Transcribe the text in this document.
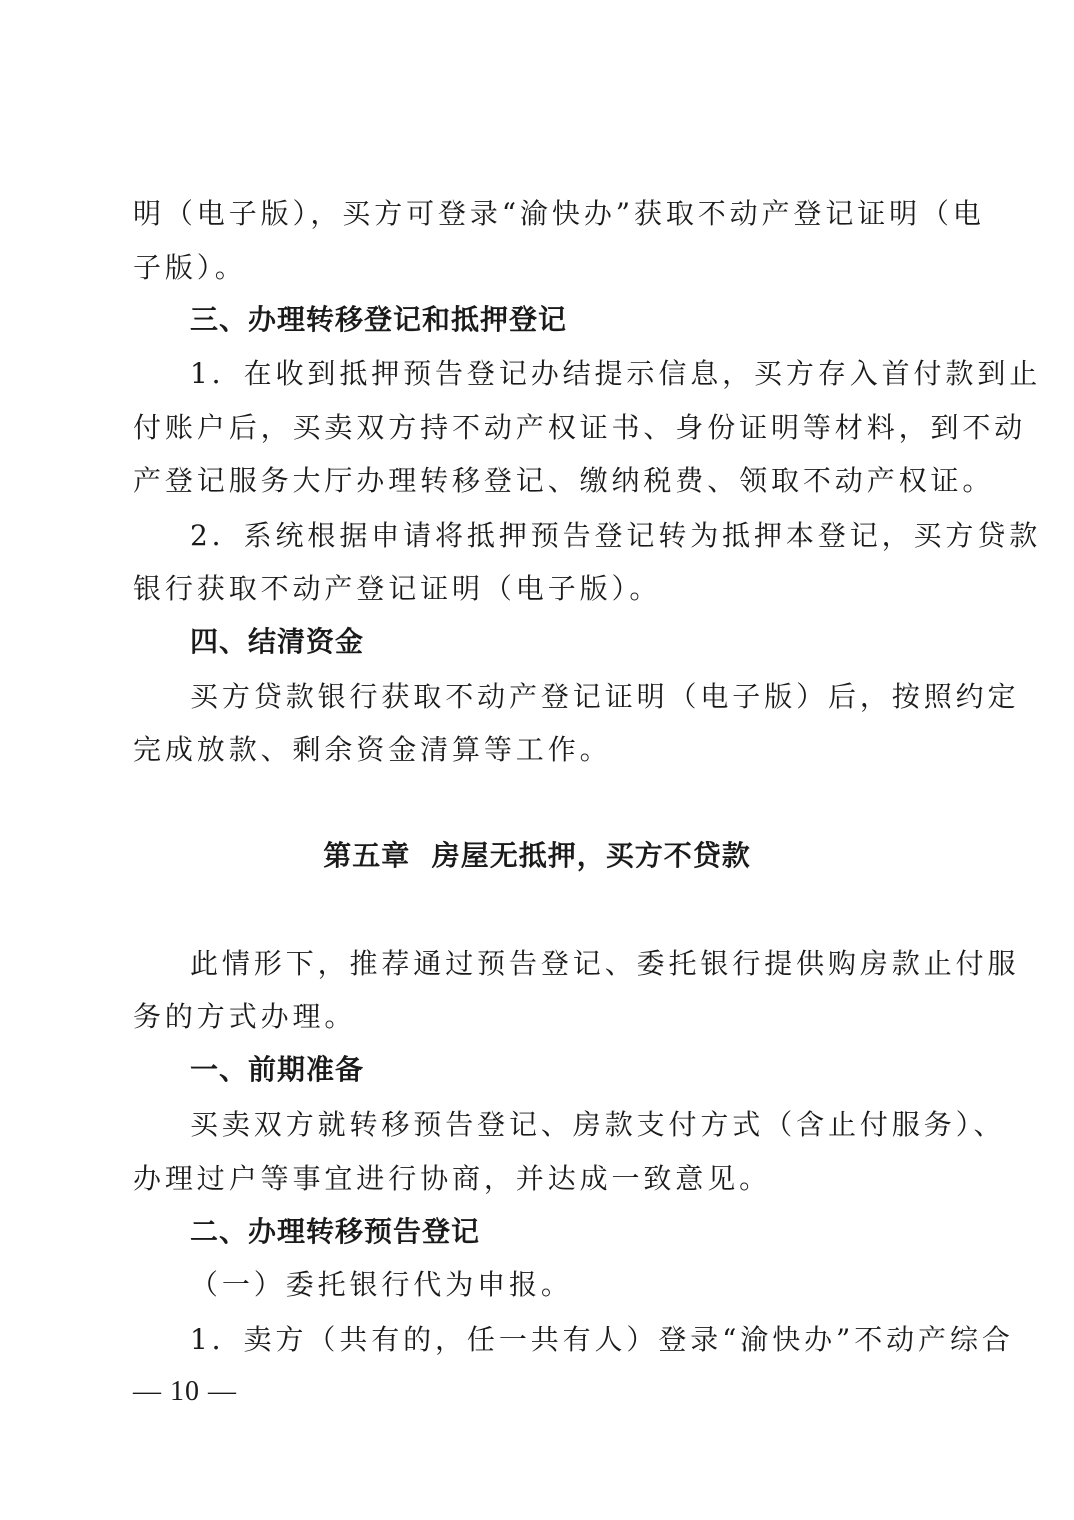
明（电子版），买方可登录“渝快办”获取不动产登记证明（电
子版）。
三、办理转移登记和抵押登记
1．在收到抵押预告登记办结提示信息，买方存入首付款到止
付账户后，买卖双方持不动产权证书、身份证明等材料，到不动
产登记服务大厅办理转移登记、缴纳税费、领取不动产权证。
2．系统根据申请将抵押预告登记转为抵押本登记，买方贷款
银行获取不动产登记证明（电子版）。
四、结清资金
买方贷款银行获取不动产登记证明（电子版）后，按照约定
完成放款、剩余资金清算等工作。
第五章  房屋无抵押，买方不贷款
此情形下，推荐通过预告登记、委托银行提供购房款止付服
务的方式办理。
一、前期准备
买卖双方就转移预告登记、房款支付方式（含止付服务）、
办理过户等事宜进行协商，并达成一致意见。
二、办理转移预告登记
（一）委托银行代为申报。
1．卖方（共有的，任一共有人）登录“渝快办”不动产综合
— 10 —
